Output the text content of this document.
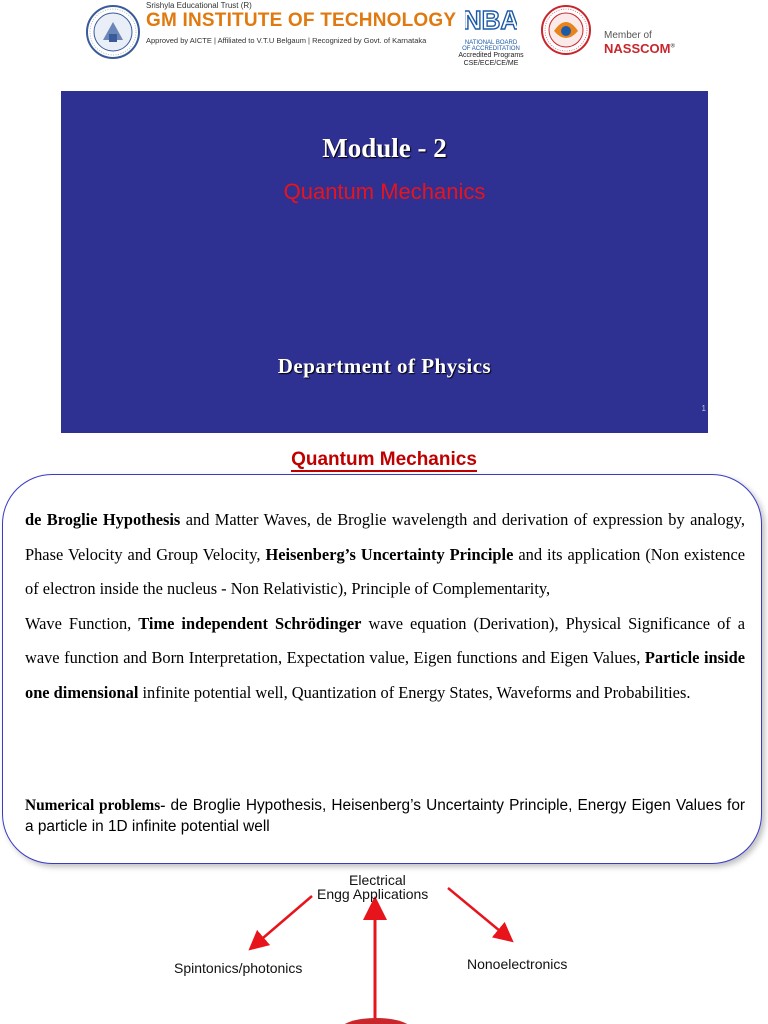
Srishyla Educational Trust (R)
GM INSTITUTE OF TECHNOLOGY
Approved by AICTE | Affiliated to V.T.U Belgaum | Recognized by Govt. of Karnataka
NBA
NATIONAL BOARD
OF ACCREDITATION
Accredited Programs
CSE/ECE/CE/ME
Member of
NASSCOM®
Module - 2
Quantum Mechanics
Department of Physics
1
Quantum Mechanics

de Broglie Hypothesis and Matter Waves, de Broglie wavelength and derivation of expression by analogy, Phase Velocity and Group Velocity, Heisenberg’s Uncertainty Principle and its application (Non existence of electron inside the nucleus - Non Relativistic), Principle of Complementarity,

Wave Function, Time independent Schrödinger wave equation (Derivation), Physical Significance of a wave function and Born Interpretation, Expectation value, Eigen functions and Eigen Values, Particle inside one dimensional infinite potential well, Quantization of Energy States, Waveforms and Probabilities.

Numerical problems- de Broglie Hypothesis, Heisenberg’s Uncertainty Principle, Energy Eigen Values for a particle in 1D infinite potential well
Electrical
Engg Applications
Spintonics/photonics	Nonoelectronics
